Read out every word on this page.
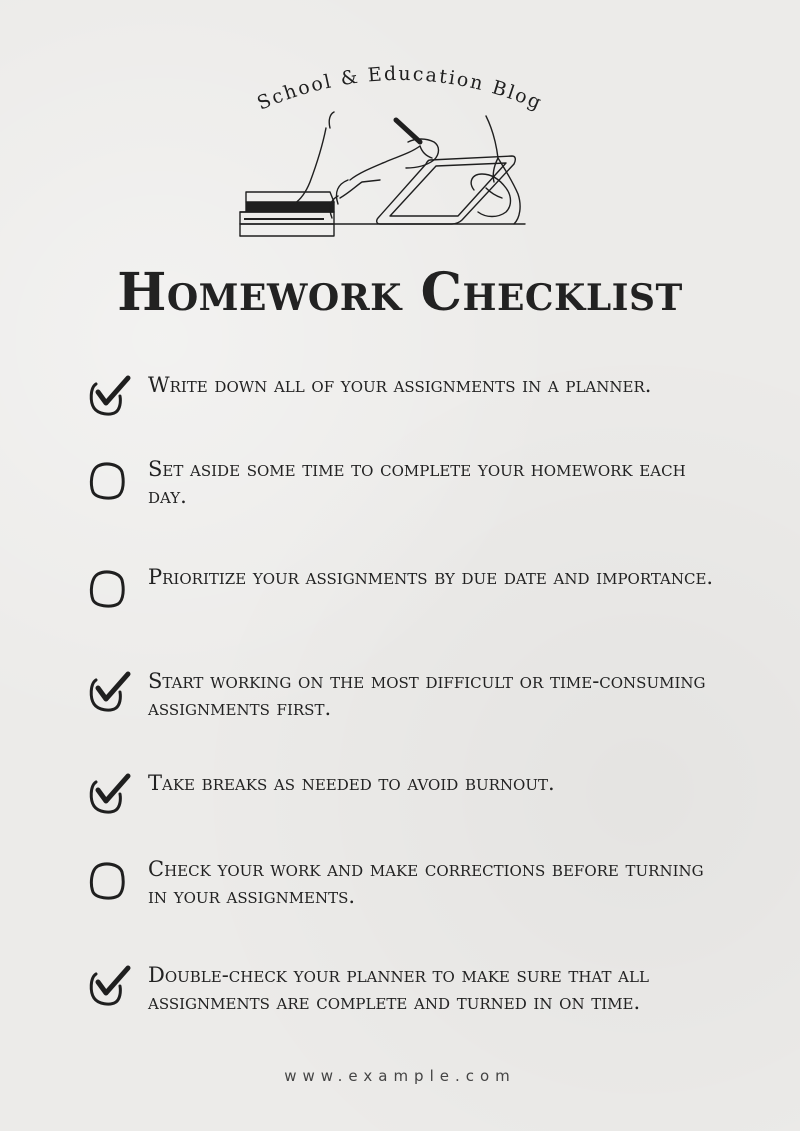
School & Education Blog
Homework Checklist
Write down all of your assignments in a planner.
Set aside some time to complete your homework each day.
Prioritize your assignments by due date and importance.
Start working on the most difficult or time-consuming assignments first.
Take breaks as needed to avoid burnout.
Check your work and make corrections before turning in your assignments.
Double-check your planner to make sure that all assignments are complete and turned in on time.
www.example.com
